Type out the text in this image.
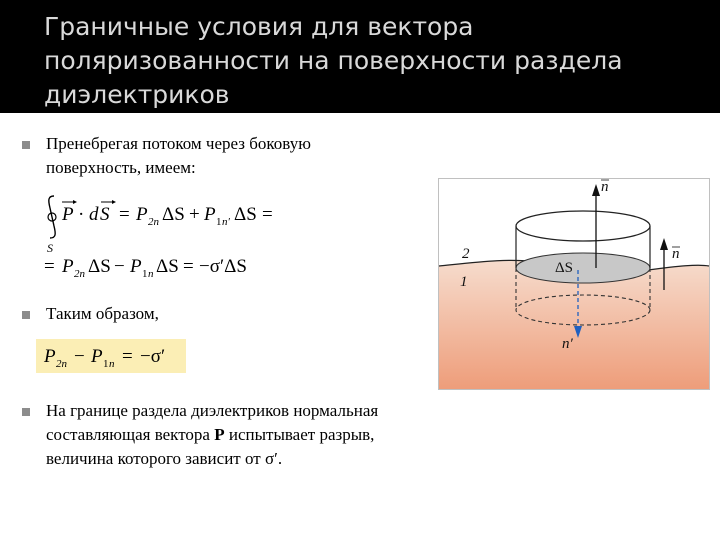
Граничные условия для вектора поляризованности на поверхности раздела диэлектриков
Пренебрегая потоком через боковую поверхность, имеем:
S
P · d S = P 2n ΔS + P 1 n′ ΔS =
= P 2n ΔS − P 1 n ΔS = −σ′ΔS
Таким образом,
P 2n − P 1 n = −σ′
На границе раздела диэлектриков нормальная составляющая вектора P испытывает разрыв, величина которого зависит от σ′.
n
n
n′
ΔS
2
1
